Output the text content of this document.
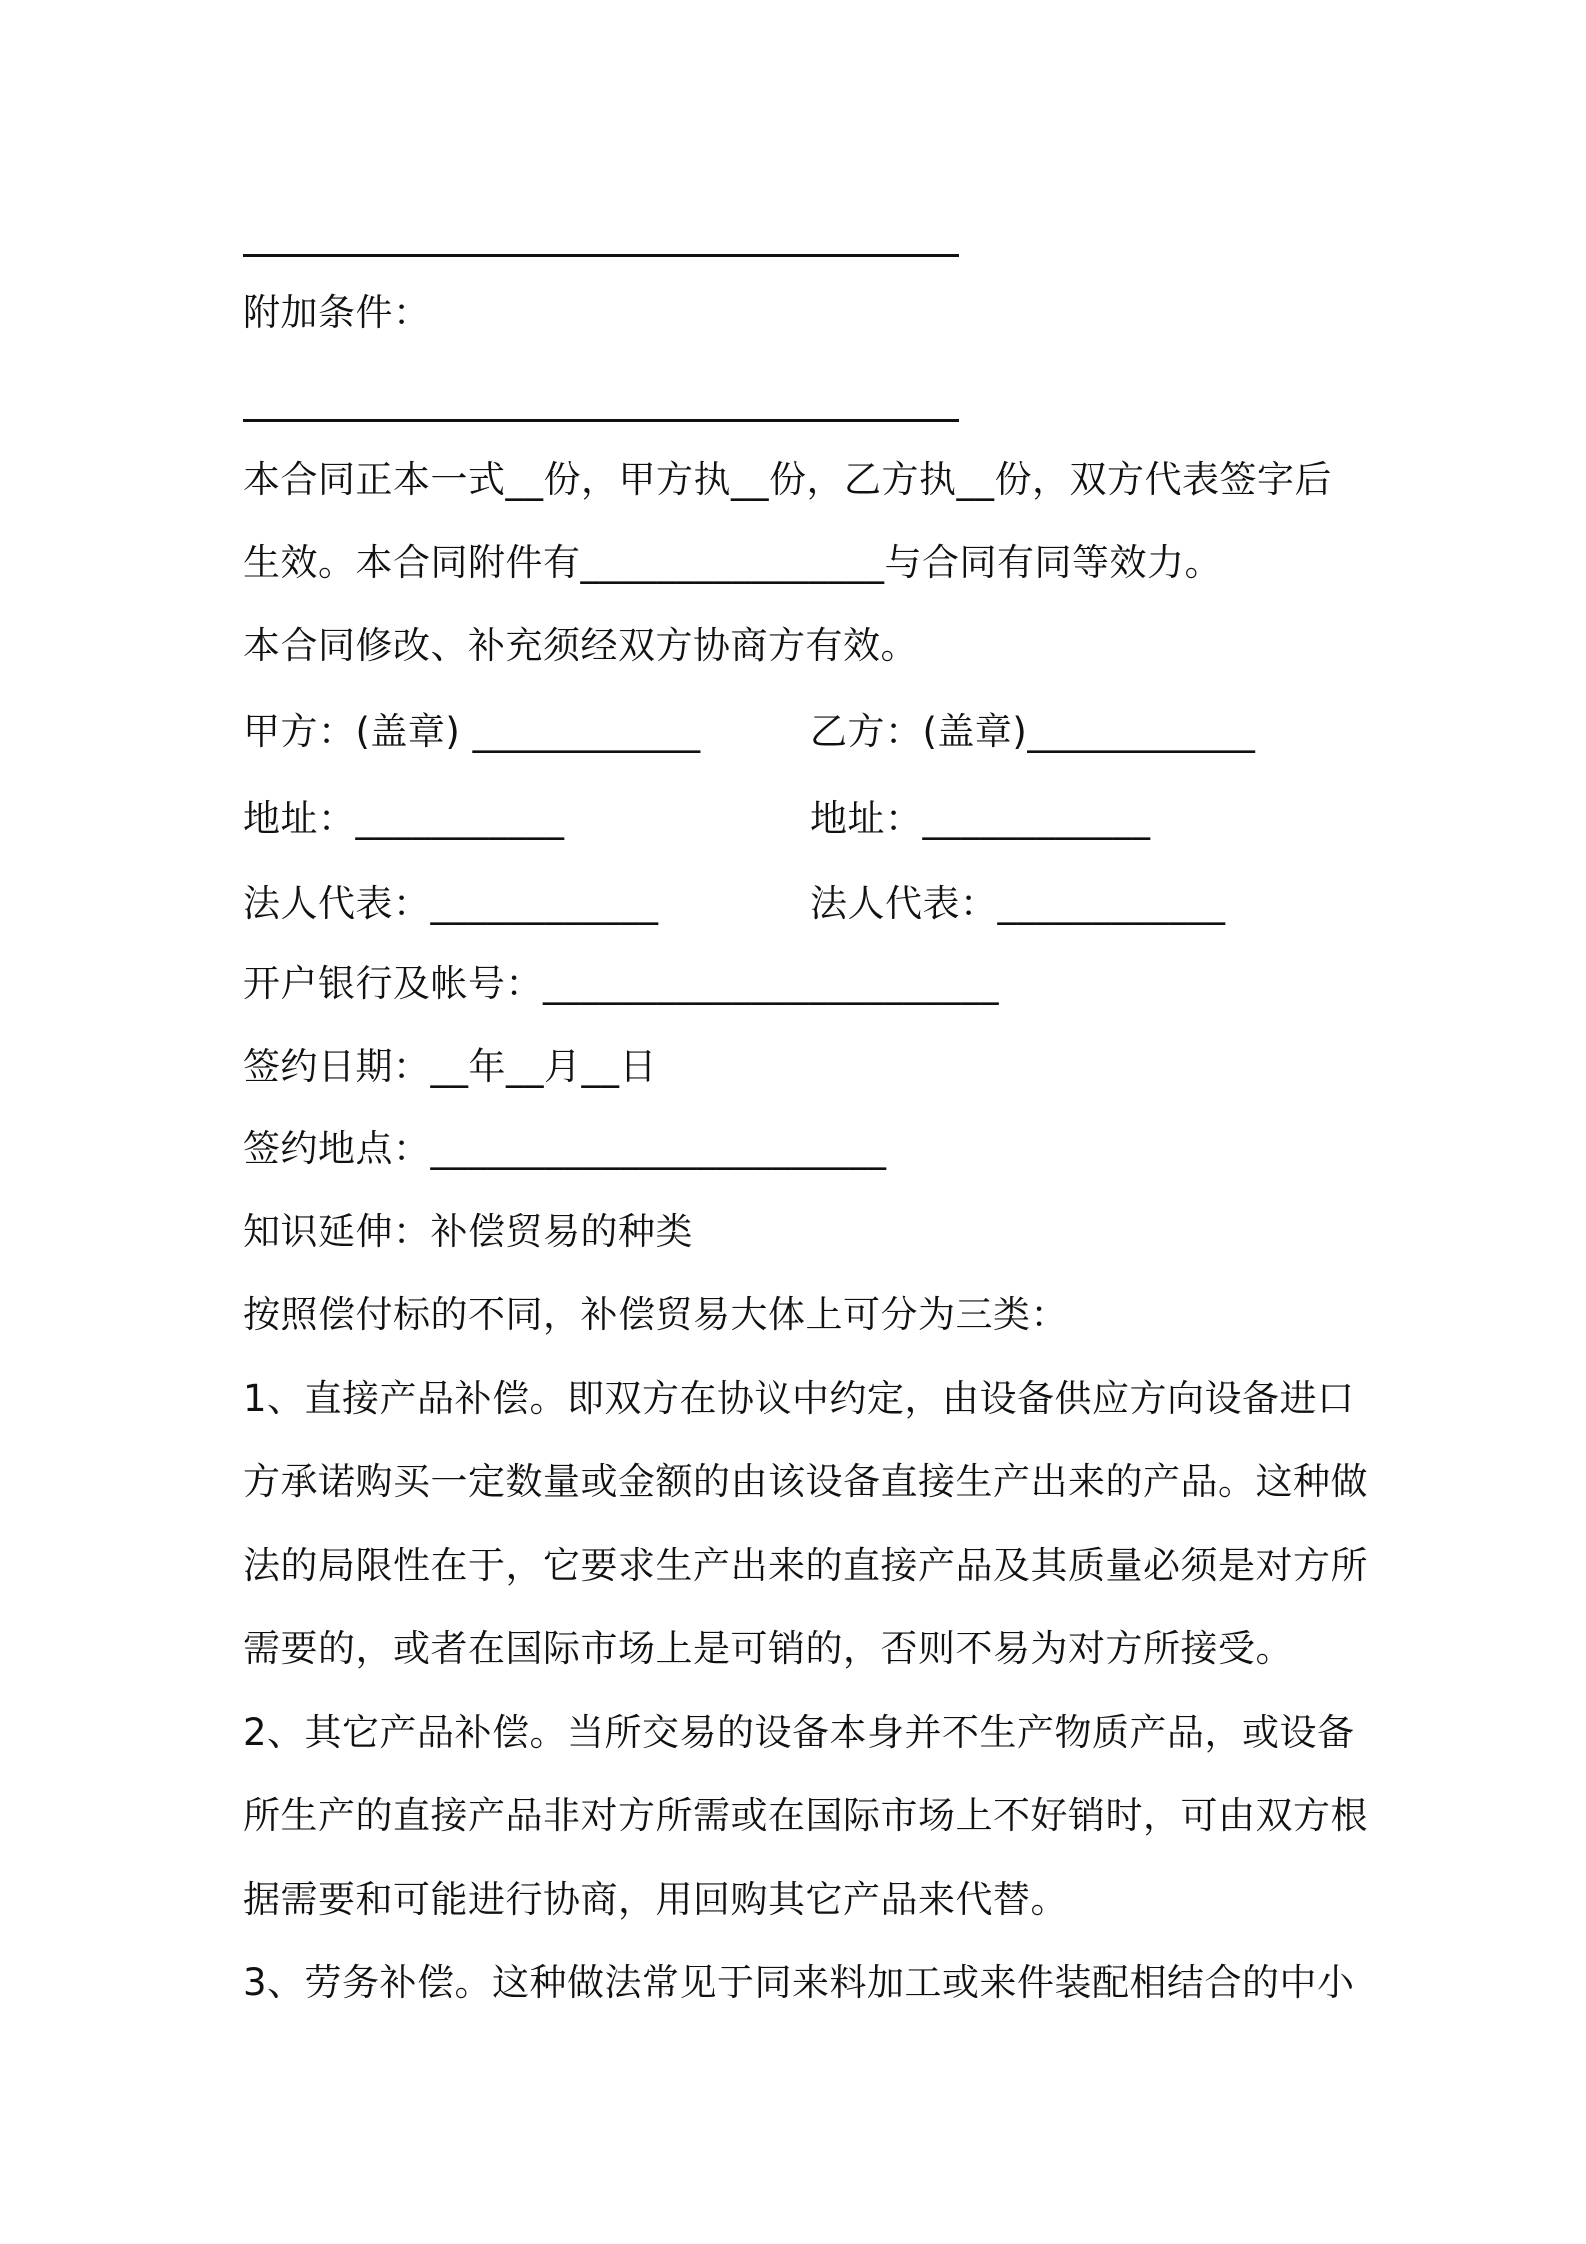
附加条件：
本合同正本一式__份，甲方执__份，乙方执__份，双方代表签字后
生效。本合同附件有________________与合同有同等效力。
本合同修改、补充须经双方协商方有效。
甲方：(盖章) ____________	乙方：(盖章)____________
地址：___________	地址：____________
法人代表：____________	法人代表：____________
开户银行及帐号：________________________
签约日期：__年__月__日
签约地点：________________________
知识延伸：补偿贸易的种类
按照偿付标的不同，补偿贸易大体上可分为三类：
1、直接产品补偿。即双方在协议中约定，由设备供应方向设备进口
方承诺购买一定数量或金额的由该设备直接生产出来的产品。这种做
法的局限性在于，它要求生产出来的直接产品及其质量必须是对方所
需要的，或者在国际市场上是可销的，否则不易为对方所接受。
2、其它产品补偿。当所交易的设备本身并不生产物质产品，或设备
所生产的直接产品非对方所需或在国际市场上不好销时，可由双方根
据需要和可能进行协商，用回购其它产品来代替。
3、劳务补偿。这种做法常见于同来料加工或来件装配相结合的中小
